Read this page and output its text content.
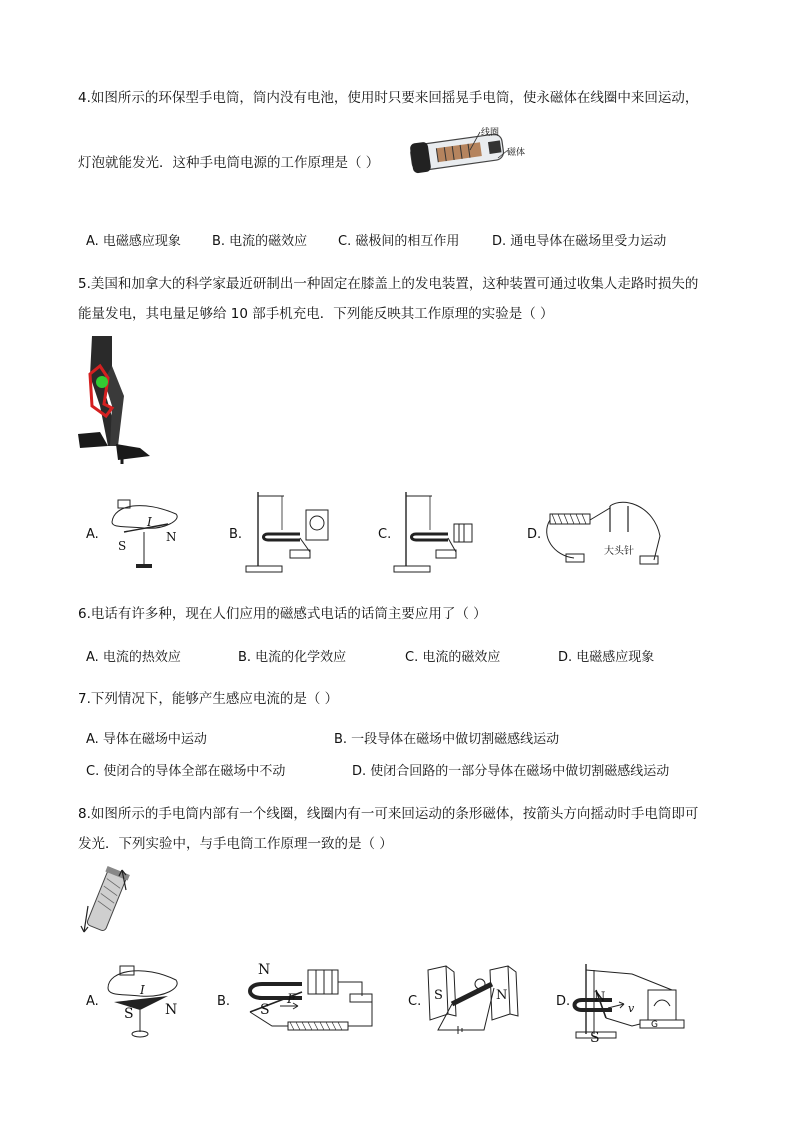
4.如图所示的环保型手电筒，筒内没有电池，使用时只要来回摇晃手电筒，使永磁体在线圈中来回运动，
线圈
磁体
灯泡就能发光．这种手电筒电源的工作原理是（ ）
A. 电磁感应现象 B. 电流的磁效应 C. 磁极间的相互作用	D. 通电导体在磁场里受力运动
5.美国和加拿大的科学家最近研制出一种固定在膝盖上的发电装置，这种装置可通过收集人走路时损失的
能量发电，其电量足够给 10 部手机充电．下列能反映其工作原理的实验是（ ）
A.
S
N
I
B.	C.	D.
大头针
6.电话有许多种，现在人们应用的磁感式电话的话筒主要应用了（ ）
A. 电流的热效应	B. 电流的化学效应	C. 电流的磁效应	D. 电磁感应现象
7.下列情况下，能够产生感应电流的是（ ）
A. 导体在磁场中运动	B. 一段导体在磁场中做切割磁感线运动
C. 使闭合的导体全部在磁场中不动	D. 使闭合回路的一部分导体在磁场中做切割磁感线运动
8.如图所示的手电筒内部有一个线圈，线圈内有一可来回运动的条形磁体，按箭头方向摇动时手电筒即可
发光．下列实验中，与手电筒工作原理一致的是（ ）
A.
S N
I
B.
N
S
F	C. S	N	D. N
S
v
G
